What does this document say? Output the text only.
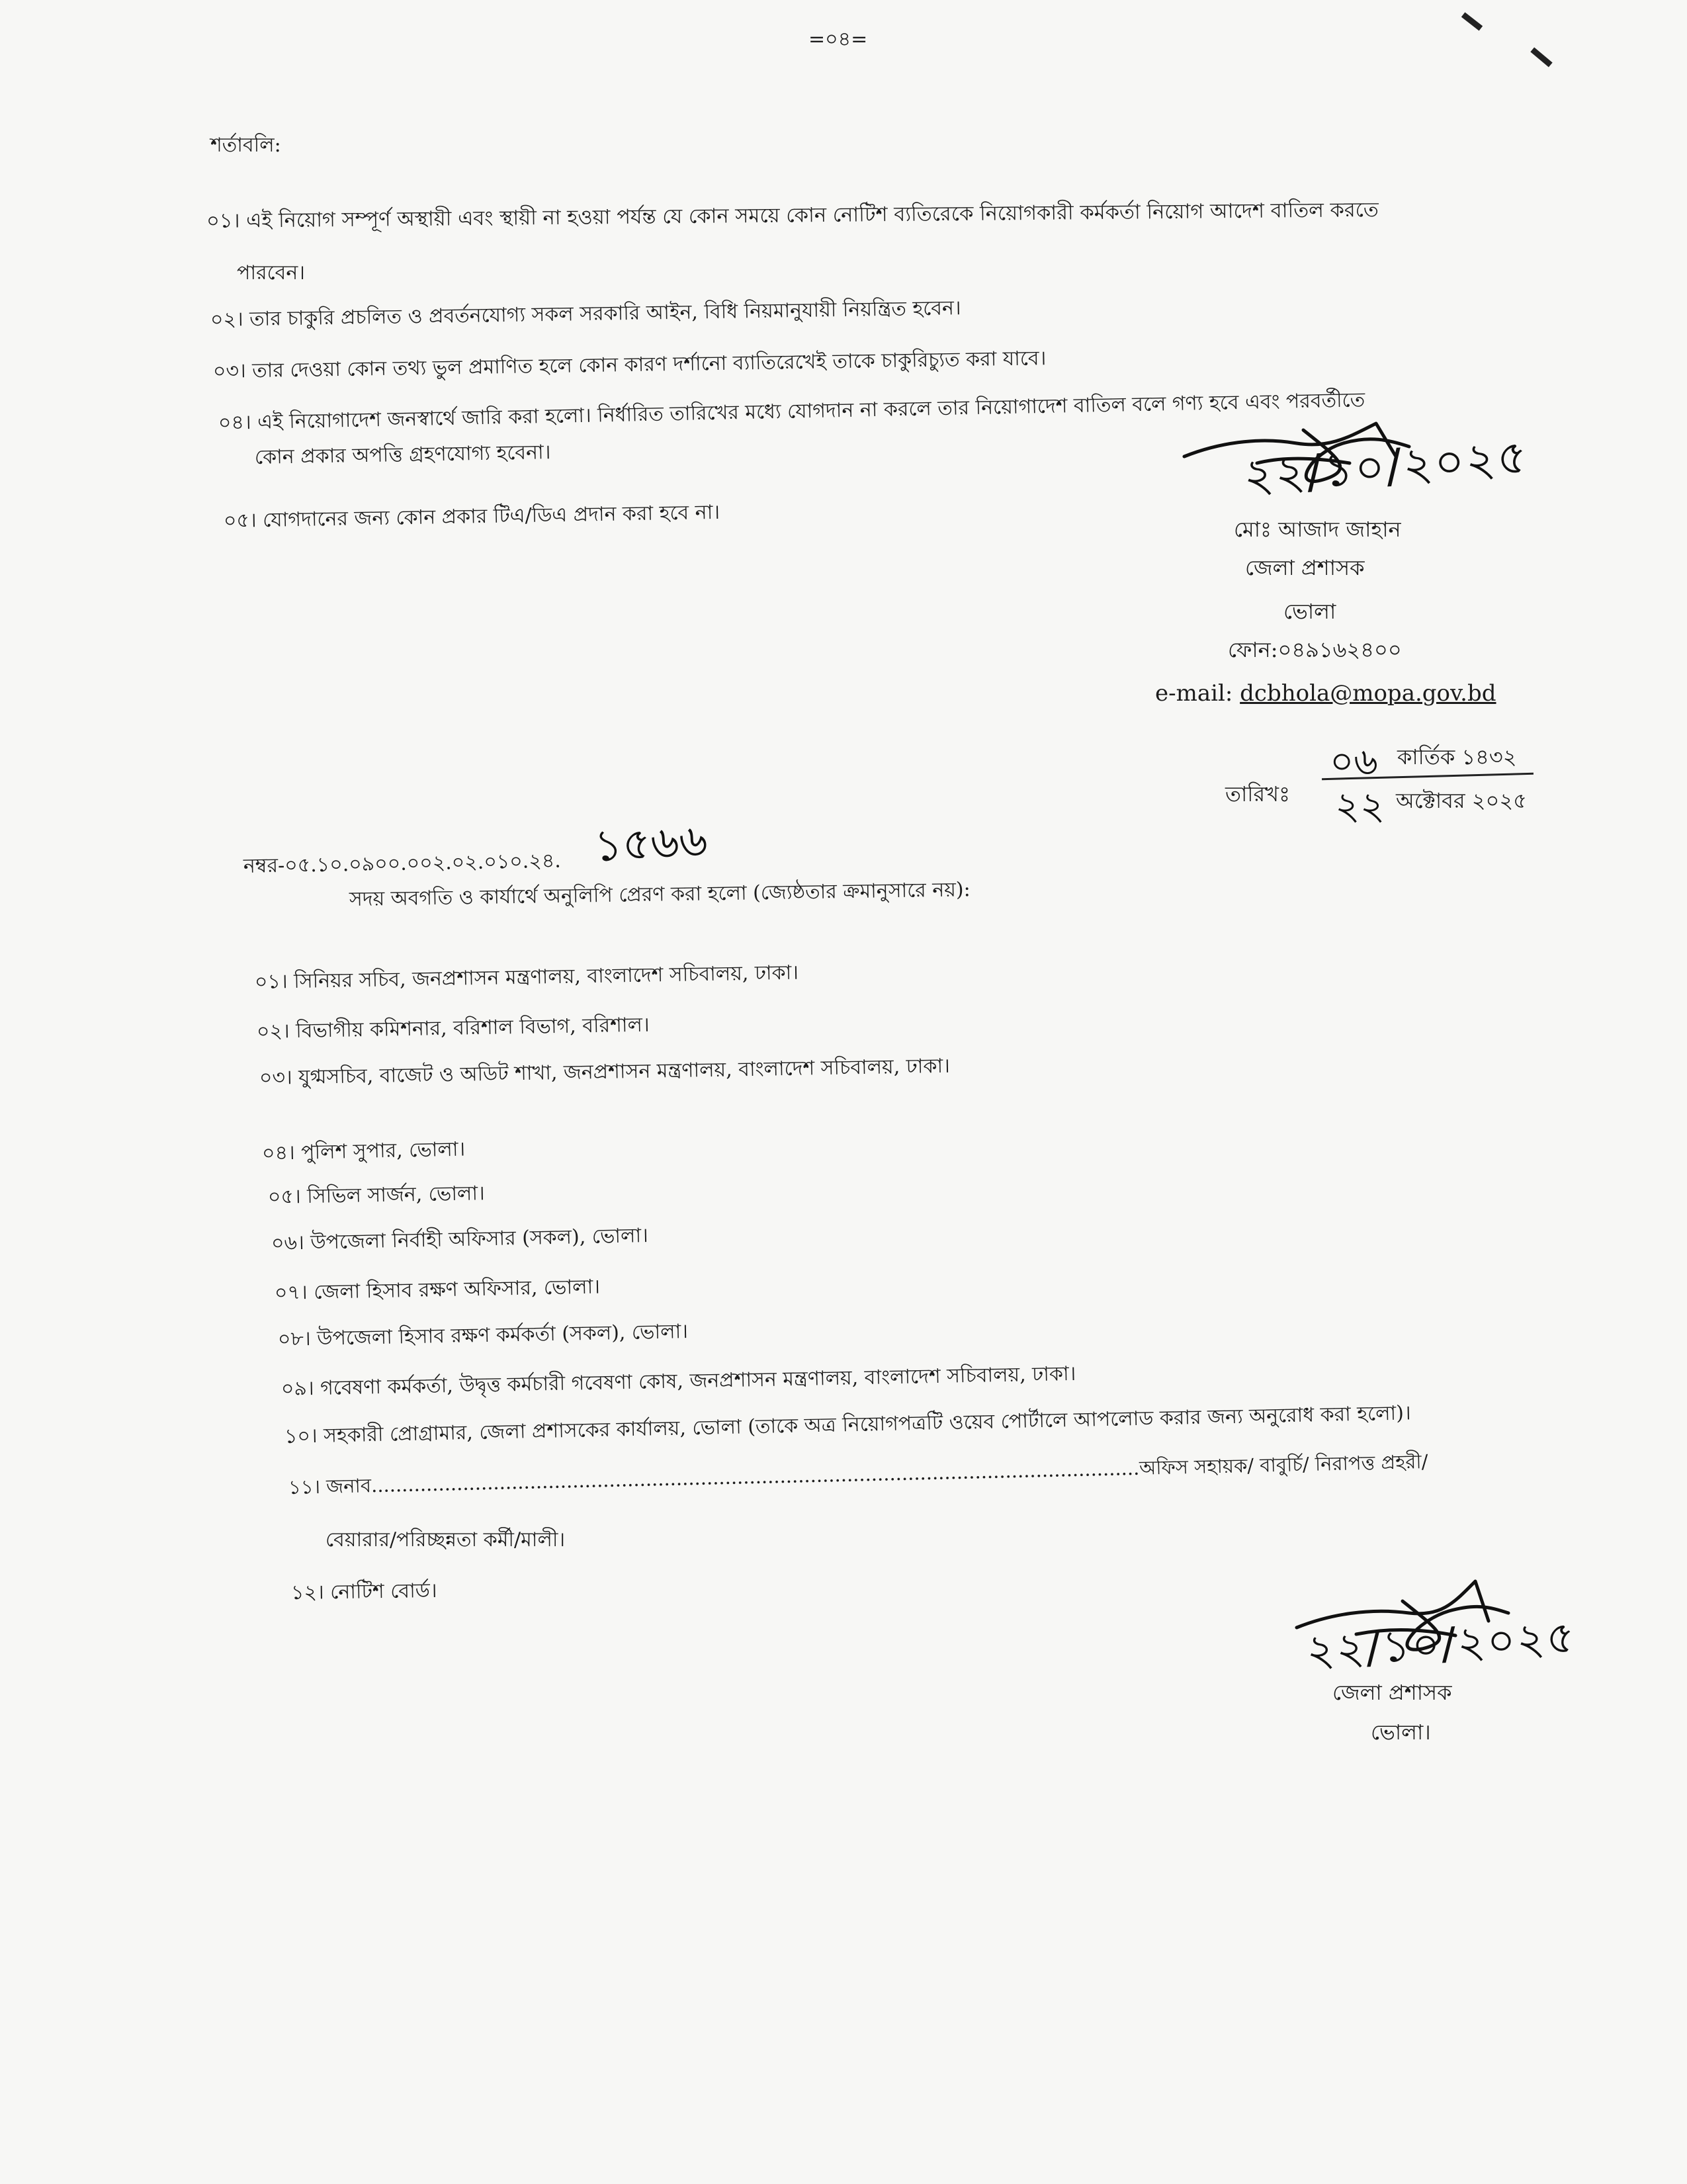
=০৪=
শর্তাবলি:
০১। এই নিয়োগ সম্পূর্ণ অস্থায়ী এবং স্থায়ী না হওয়া পর্যন্ত যে কোন সময়ে কোন নোটিশ ব্যতিরেকে নিয়োগকারী কর্মকর্তা নিয়োগ আদেশ বাতিল করতে
পারবেন।
০২। তার চাকুরি প্রচলিত ও প্রবর্তনযোগ্য সকল সরকারি আইন, বিধি নিয়মানুযায়ী নিয়ন্ত্রিত হবেন।
০৩। তার দেওয়া কোন তথ্য ভুল প্রমাণিত হলে কোন কারণ দর্শানো ব্যাতিরেখেই তাকে চাকুরিচ্যুত করা যাবে।
০৪। এই নিয়োগাদেশ জনস্বার্থে জারি করা হলো। নির্ধারিত তারিখের মধ্যে যোগদান না করলে তার নিয়োগাদেশ বাতিল বলে গণ্য হবে এবং পরবর্তীতে
কোন প্রকার অপত্তি গ্রহণযোগ্য হবেনা।
০৫। যোগদানের জন্য কোন প্রকার টিএ/ডিএ প্রদান করা হবে না।
২২/১০/২০২৫
মোঃ আজাদ জাহান
জেলা প্রশাসক
ভোলা
ফোন:০৪৯১৬২৪০০
e-mail: dcbhola@mopa.gov.bd
তারিখঃ
০৬ কার্তিক ১৪৩২
২২ অক্টোবর ২০২৫
নম্বর-০৫.১০.০৯০০.০০২.০২.০১০.২৪. ১৫৬৬
সদয় অবগতি ও কার্যার্থে অনুলিপি প্রেরণ করা হলো (জ্যেষ্ঠতার ক্রমানুসারে নয়):
০১। সিনিয়র সচিব, জনপ্রশাসন মন্ত্রণালয়, বাংলাদেশ সচিবালয়, ঢাকা।
০২। বিভাগীয় কমিশনার, বরিশাল বিভাগ, বরিশাল।
০৩। যুগ্মসচিব, বাজেট ও অডিট শাখা, জনপ্রশাসন মন্ত্রণালয়, বাংলাদেশ সচিবালয়, ঢাকা।
০৪। পুলিশ সুপার, ভোলা।
০৫। সিভিল সার্জন, ভোলা।
০৬। উপজেলা নির্বাহী অফিসার (সকল), ভোলা।
০৭। জেলা হিসাব রক্ষণ অফিসার, ভোলা।
০৮। উপজেলা হিসাব রক্ষণ কর্মকর্তা (সকল), ভোলা।
০৯। গবেষণা কর্মকর্তা, উদ্বৃত্ত কর্মচারী গবেষণা কোষ, জনপ্রশাসন মন্ত্রণালয়, বাংলাদেশ সচিবালয়, ঢাকা।
১০। সহকারী প্রোগ্রামার, জেলা প্রশাসকের কার্যালয়, ভোলা (তাকে অত্র নিয়োগপত্রটি ওয়েব পোর্টালে আপলোড করার জন্য অনুরোধ করা হলো)।
১১। জনাব..............................................................................................................................অফিস সহায়ক/ বাবুর্চি/ নিরাপত্ত প্রহরী/
বেয়ারার/পরিচ্ছন্নতা কর্মী/মালী।
১২। নোটিশ বোর্ড।
২২/১০/২০২৫
জেলা প্রশাসক
ভোলা।
